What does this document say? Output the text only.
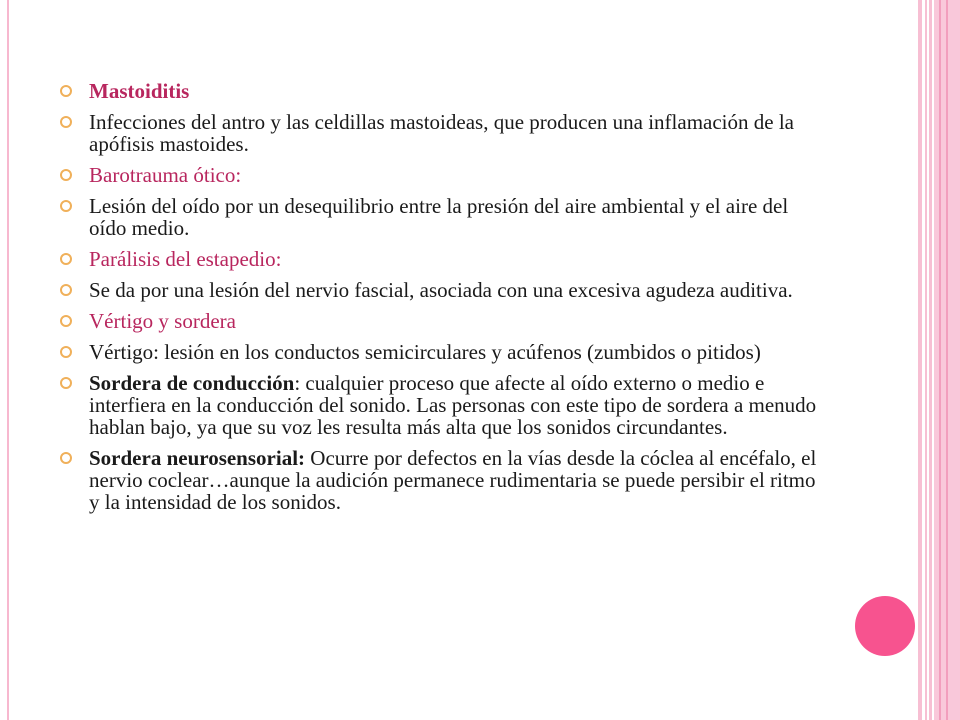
Mastoiditis
Infecciones del antro y las celdillas mastoideas, que producen una inflamación de la apófisis mastoides.
Barotrauma ótico:
Lesión del oído por un desequilibrio entre la presión del aire ambiental y el aire del oído medio.
Parálisis del estapedio:
Se da por una lesión del nervio fascial, asociada con una excesiva agudeza auditiva.
Vértigo y sordera
Vértigo: lesión en los conductos semicirculares y acúfenos (zumbidos o pitidos)
Sordera de conducción: cualquier proceso que afecte al oído externo o medio e interfiera en la conducción del sonido. Las personas con este tipo de sordera a menudo hablan bajo, ya que su voz les resulta más alta que los sonidos circundantes.
Sordera neurosensorial: Ocurre por defectos en la vías desde la cóclea al encéfalo, el nervio coclear…aunque la audición permanece rudimentaria se puede persibir el ritmo y la intensidad de los sonidos.
